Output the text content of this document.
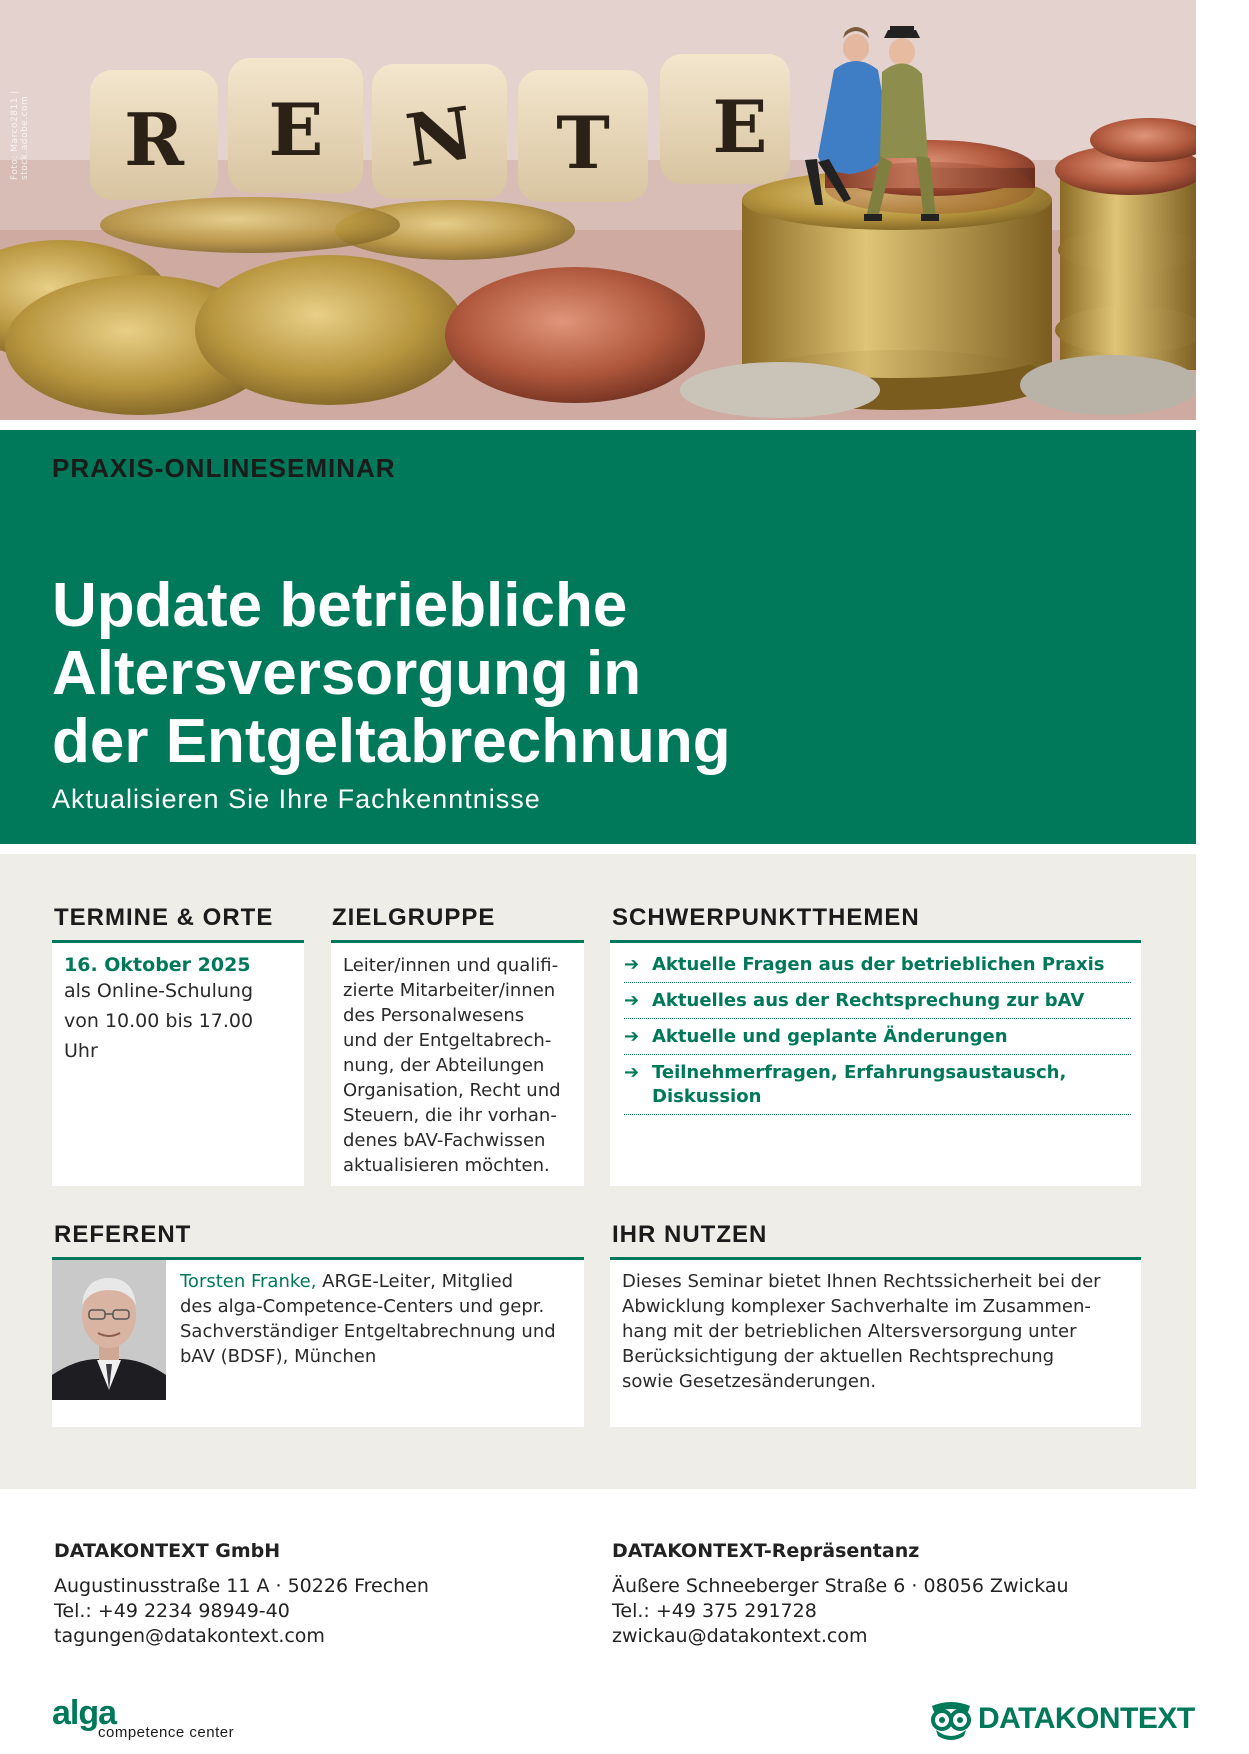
R E N T E
Foto: Marco2811 | stock.adobe.com
PRAXIS-ONLINESEMINAR
Update betriebliche
Altersversorgung in
der Entgeltabrechnung
Aktualisieren Sie Ihre Fachkenntnisse
TERMINE & ORTE
16. Oktober 2025
als Online-Schulung
von 10.00 bis 17.00 Uhr
ZIELGRUPPE
Leiter/innen und qualifi-
zierte Mitarbeiter/innen
des Personalwesens
und der Entgeltabrech-
nung, der Abteilungen
Organisation, Recht und
Steuern, die ihr vorhan-
denes bAV-Fachwissen
aktualisieren möchten.
SCHWERPUNKTTHEMEN
➔ Aktuelle Fragen aus der betrieblichen Praxis
➔ Aktuelles aus der Rechtsprechung zur bAV
➔ Aktuelle und geplante Änderungen
➔ Teilnehmerfragen, Erfahrungsaustausch,
Diskussion
REFERENT
Torsten Franke, ARGE-Leiter, Mitglied
des alga-Competence-Centers und gepr.
Sachverständiger Entgeltabrechnung und
bAV (BDSF), München
IHR NUTZEN
Dieses Seminar bietet Ihnen Rechtssicherheit bei der
Abwicklung komplexer Sachverhalte im Zusammen-
hang mit der betrieblichen Altersversorgung unter
Berücksichtigung der aktuellen Rechtsprechung
sowie Gesetzesänderungen.
DATAKONTEXT GmbH
Augustinusstraße 11 A · 50226 Frechen
Tel.: +49 2234 98949-40
tagungen@datakontext.com
DATAKONTEXT-Repräsentanz
Äußere Schneeberger Straße 6 · 08056 Zwickau
Tel.: +49 375 291728
zwickau@datakontext.com
alga
competence center	DATAKONTEXT
